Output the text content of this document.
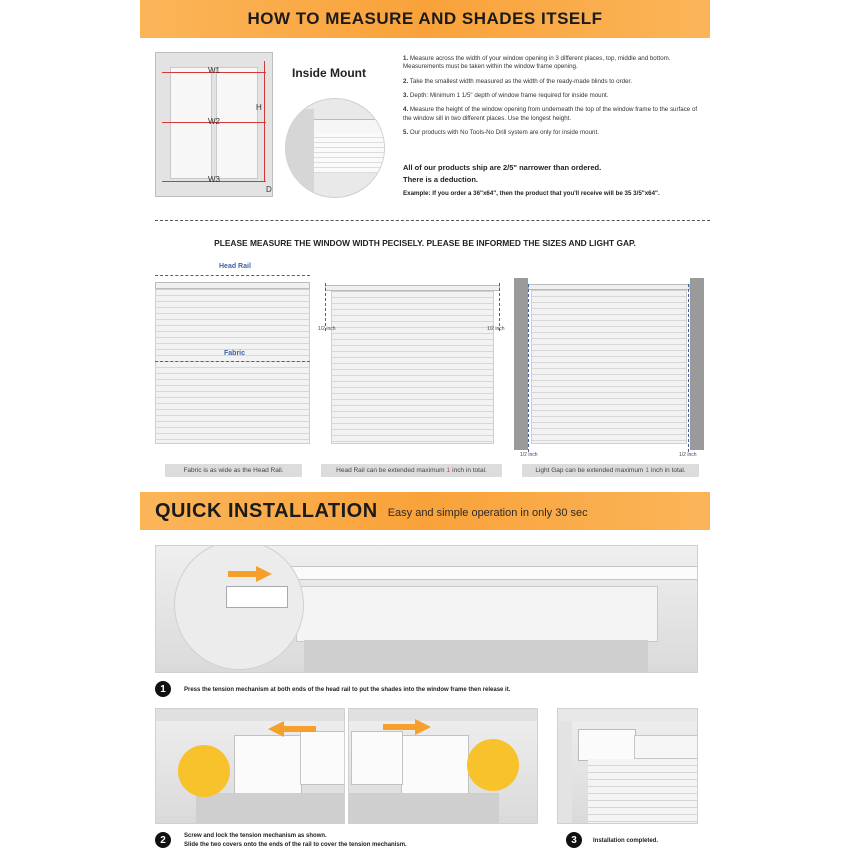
HOW TO MEASURE AND SHADES ITSELF
W1
W2
W3
H
D
Inside Mount

1. Measure across the width of your window opening in 3 different places, top, middle and bottom. Measurements must be taken within the window frame opening.

2. Take the smallest width measured as the width of the ready-made blinds to order.

3. Depth: Minimum 1 1/5" depth of window frame required for inside mount.

4. Measure the height of the window opening from underneath the top of the window frame to the surface of the window sill in two different places. Use the longest height.

5. Our products with No Tools-No Drill system are only for inside mount.

All of our products ship are 2/5" narrower than ordered.
There is a deduction.
Example: If you order a 36"x64", then the product that you'll receive will be 35 3/5"x64".
PLEASE MEASURE THE WINDOW WIDTH PECISELY. PLEASE BE INFORMED THE SIZES AND LIGHT GAP.
Head Rail
Fabric
1/2 inch	1/2 inch
1/2 inch	1/2 inch
Fabric is as wide as the Head Rail.	Head Rail can be extended maximum 1 inch in total.	Light Gap can be extended maximum 1 inch in total.
QUICK INSTALLATION Easy and simple operation in only 30 sec
1	Press the tension mechanism at both ends of the head rail to put the shades into the window frame then release it.
2	Screw and lock the tension mechanism as shown.
Slide the two covers onto the ends of the rail to cover the tension mechanism.	3	Installation completed.
